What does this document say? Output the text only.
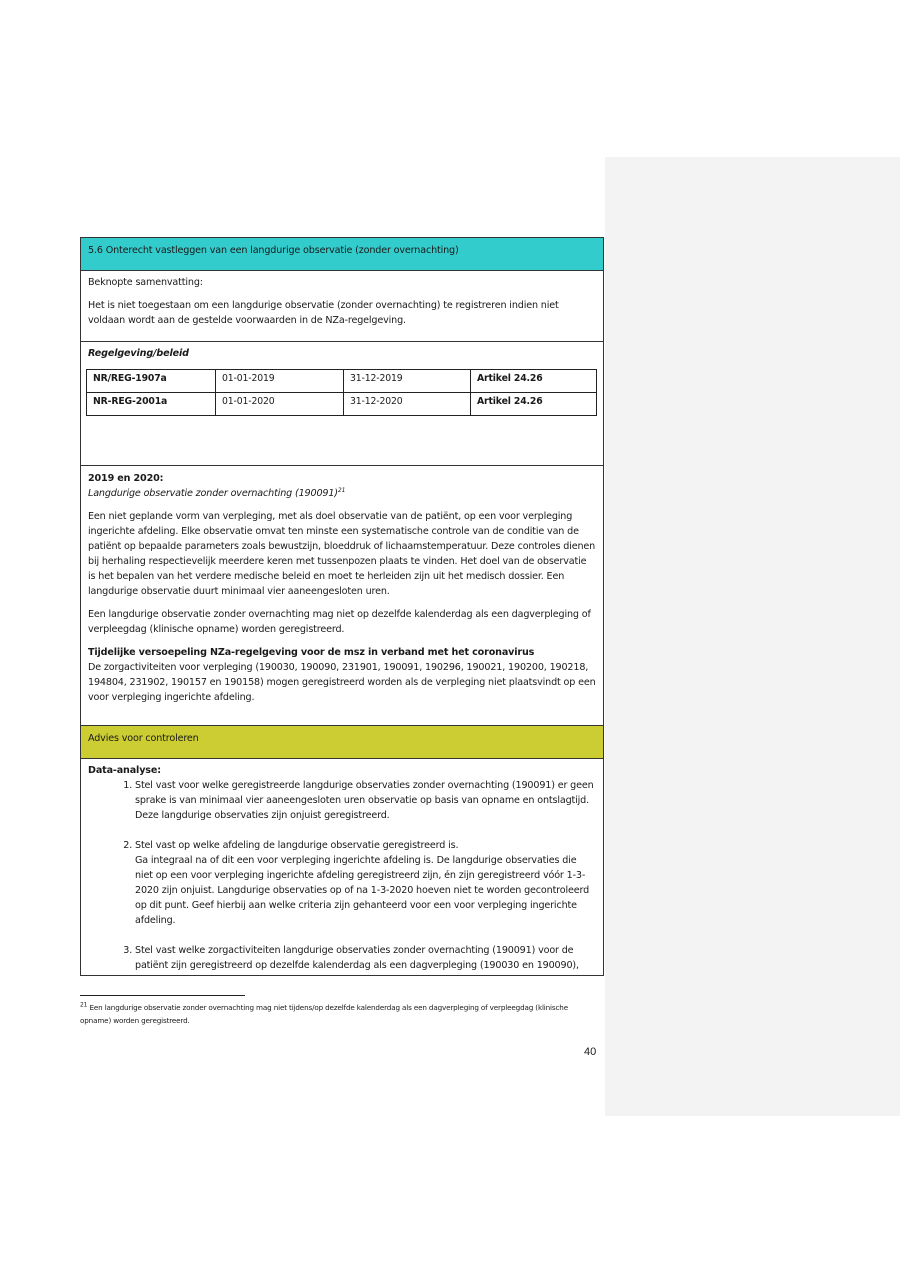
5.6 Onterecht vastleggen van een langdurige observatie (zonder overnachting)

Beknopte samenvatting:

Het is niet toegestaan om een langdurige observatie (zonder overnachting) te registreren indien niet voldaan wordt aan de gestelde voorwaarden in de NZa-regelgeving.

Regelgeving/beleid

NR/REG-1907a	01-01-2019	31-12-2019	Artikel 24.26
NR-REG-2001a	01-01-2020	31-12-2020	Artikel 24.26

2019 en 2020:

Langdurige observatie zonder overnachting $(190091)^{21}$

Een niet geplande vorm van verpleging, met als doel observatie van de patiënt, op een voor verpleging ingerichte afdeling. Elke observatie omvat ten minste een systematische controle van de conditie van de patiënt op bepaalde parameters zoals bewustzijn, bloeddruk of lichaamstemperatuur. Deze controles dienen bij herhaling respectievelijk meerdere keren met tussenpozen plaats te vinden. Het doel van de observatie is het bepalen van het verdere medische beleid en moet te herleiden zijn uit het medisch dossier. Een langdurige observatie duurt minimaal vier aaneengesloten uren.

Een langdurige observatie zonder overnachting mag niet op dezelfde kalenderdag als een dagverpleging of verpleegdag (klinische opname) worden geregistreerd.

Tijdelijke versoepeling NZa-regelgeving voor de msz in verband met het coronavirus

De zorgactiviteiten voor verpleging (190030, 190090, 231901, 190091, 190296, 190021, 190200, 190218, 194804, 231902, 190157 en 190158) mogen geregistreerd worden als de verpleging niet plaatsvindt op een voor verpleging ingerichte afdeling.

Advies voor controleren

Data-analyse:

1. Stel vast voor welke geregistreerde langdurige observaties zonder overnachting (190091) er geen sprake is van minimaal vier aaneengesloten uren observatie op basis van opname en ontslagtijd. Deze langdurige observaties zijn onjuist geregistreerd.
2. Stel vast op welke afdeling de langdurige observatie geregistreerd is.
Ga integraal na of dit een voor verpleging ingerichte afdeling is. De langdurige observaties die niet op een voor verpleging ingerichte afdeling geregistreerd zijn, én zijn geregistreerd vóór 1-3-2020 zijn onjuist. Langdurige observaties op of na 1-3-2020 hoeven niet te worden gecontroleerd op dit punt. Geef hierbij aan welke criteria zijn gehanteerd voor een voor verpleging ingerichte afdeling.
3. Stel vast welke zorgactiviteiten langdurige observaties zonder overnachting (190091) voor de patiënt zijn geregistreerd op dezelfde kalenderdag als een dagverpleging (190030 en 190090),
$^{21}$ Een langdurige observatie zonder overnachting mag niet tijdens/op dezelfde kalenderdag als een dagverpleging of verpleegdag (klinische opname) worden geregistreerd.
40
